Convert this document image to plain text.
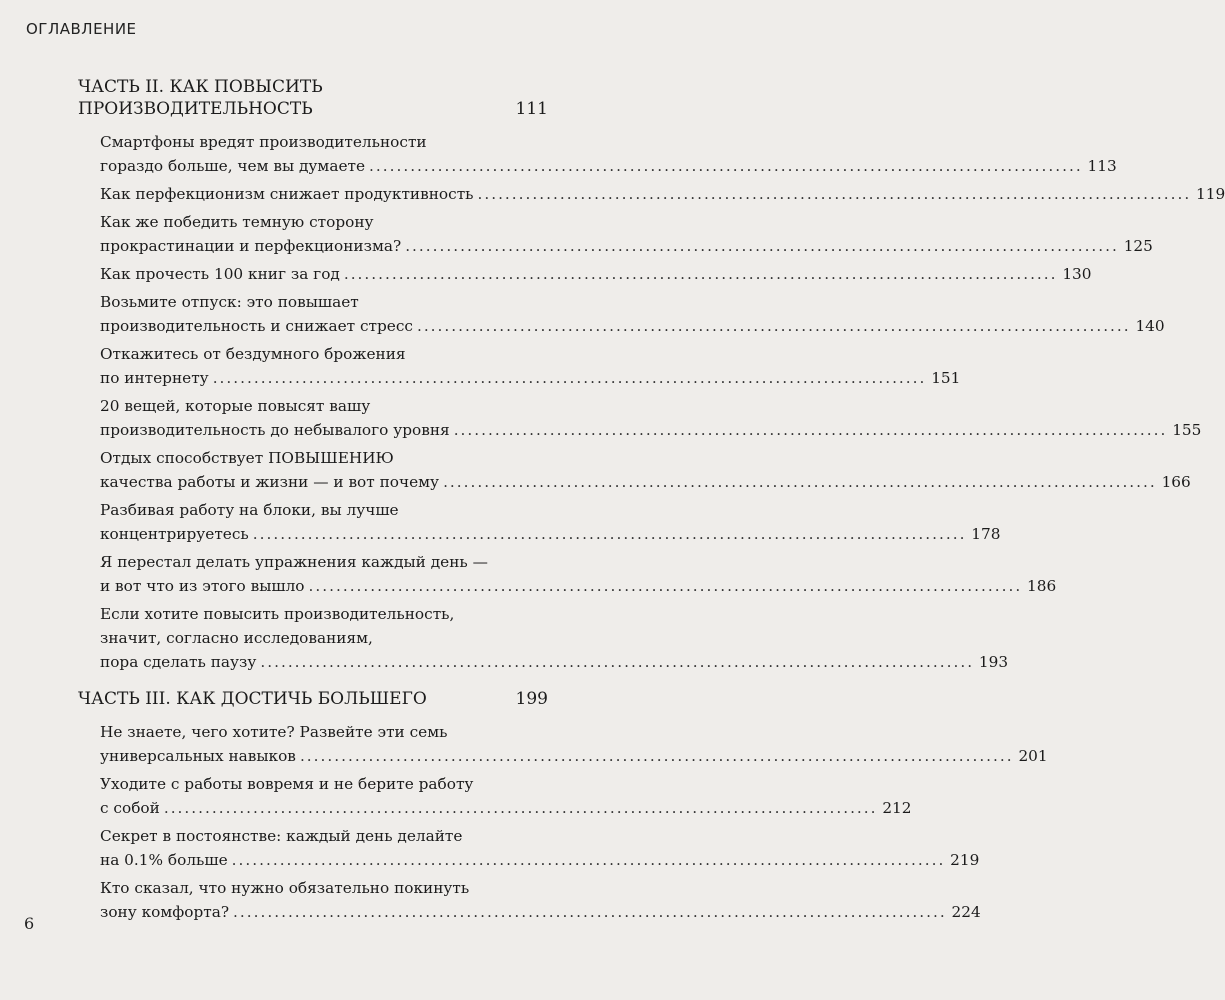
ОГЛАВЛЕНИЕ
ЧАСТЬ II. КАК ПОВЫСИТЬ
ПРОИЗВОДИТЕЛЬНОСТЬ	111
Смартфоны вредят производительности
гораздо больше, чем вы думаете ........................................................................................................ 113
Как перфекционизм снижает продуктивность ........................................................................................................ 119
Как же победить темную сторону
прокрастинации и перфекционизма? ........................................................................................................ 125
Как прочесть 100 книг за год ........................................................................................................ 130
Возьмите отпуск: это повышает
производительность и снижает стресс ........................................................................................................ 140
Откажитесь от бездумного брожения
по интернету ........................................................................................................ 151
20 вещей, которые повысят вашу
производительность до небывалого уровня ........................................................................................................ 155
Отдых способствует ПОВЫШЕНИЮ
качества работы и жизни — и вот почему ........................................................................................................ 166
Разбивая работу на блоки, вы лучше
концентрируетесь ........................................................................................................ 178
Я перестал делать упражнения каждый день —
и вот что из этого вышло ........................................................................................................ 186
Если хотите повысить производительность,
значит, согласно исследованиям,
пора сделать паузу ........................................................................................................ 193
ЧАСТЬ III. КАК ДОСТИЧЬ БОЛЬШЕГО	199
Не знаете, чего хотите? Развейте эти семь
универсальных навыков ........................................................................................................ 201
Уходите с работы вовремя и не берите работу
с собой ........................................................................................................ 212
Секрет в постоянстве: каждый день делайте
на 0.1% больше ........................................................................................................ 219
Кто сказал, что нужно обязательно покинуть
зону комфорта? ........................................................................................................ 224
6
